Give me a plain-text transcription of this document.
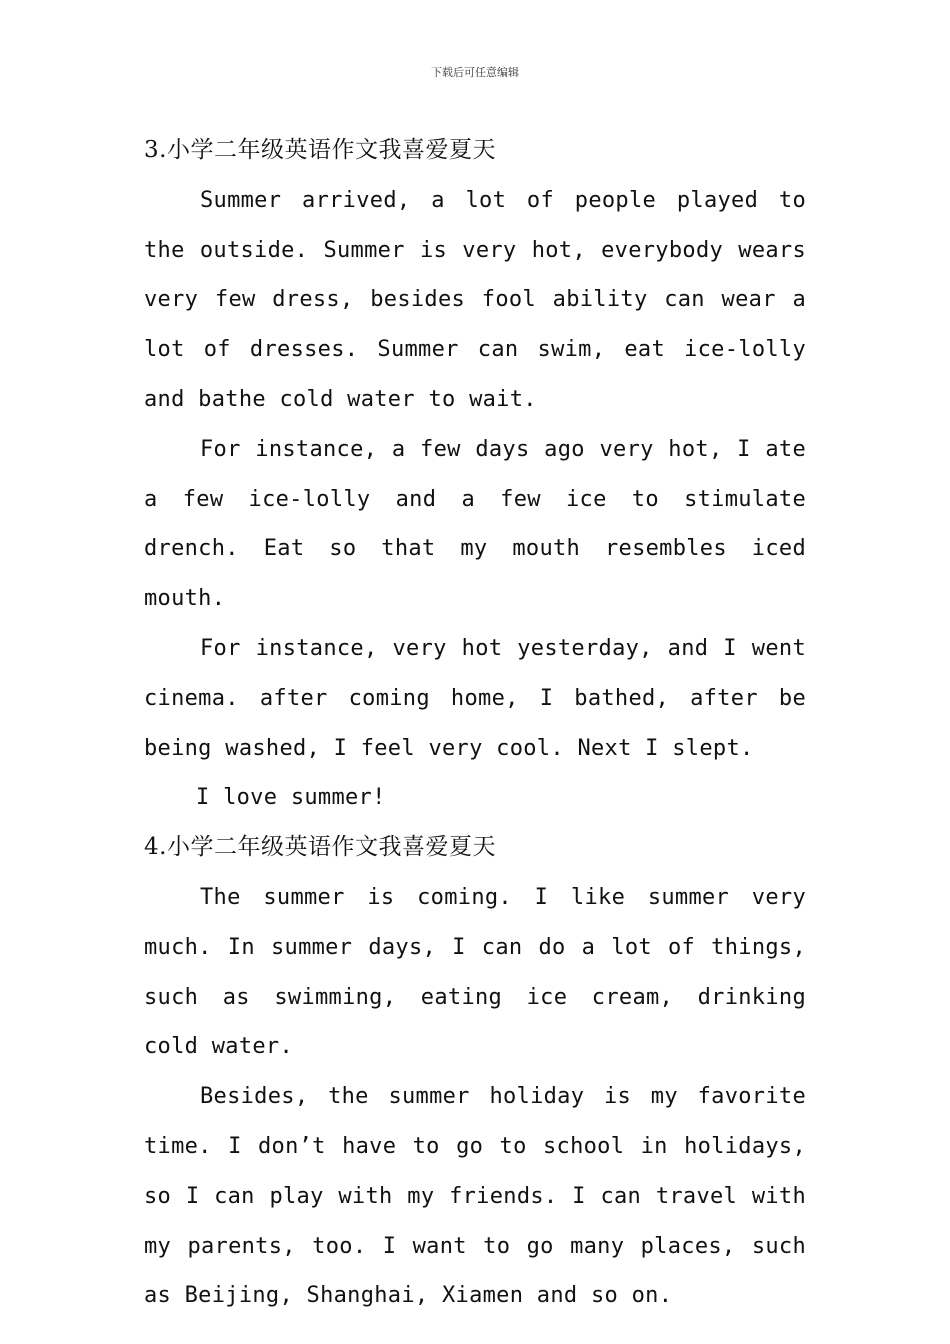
下载后可任意编辑
3.小学二年级英语作文我喜爱夏天

Summer arrived, a lot of people played to the outside. Summer is very hot, everybody wears very few dress, besides fool ability can wear a lot of dresses. Summer can swim, eat ice-lolly and bathe cold water to wait.

For instance, a few days ago very hot, I ate a few ice-lolly and a few ice to stimulate drench. Eat so that my mouth resembles iced mouth.

For instance, very hot yesterday, and I went cinema. after coming home, I bathed, after be being washed, I feel very cool. Next I slept.

I love summer!

4.小学二年级英语作文我喜爱夏天

The summer is coming. I like summer very much. In summer days, I can do a lot of things, such as swimming, eating ice cream, drinking cold water.

Besides, the summer holiday is my favorite time. I don’t have to go to school in holidays, so I can play with my friends. I can travel with my parents, too. I want to go many places, such as Beijing, Shanghai, Xiamen and so on.
